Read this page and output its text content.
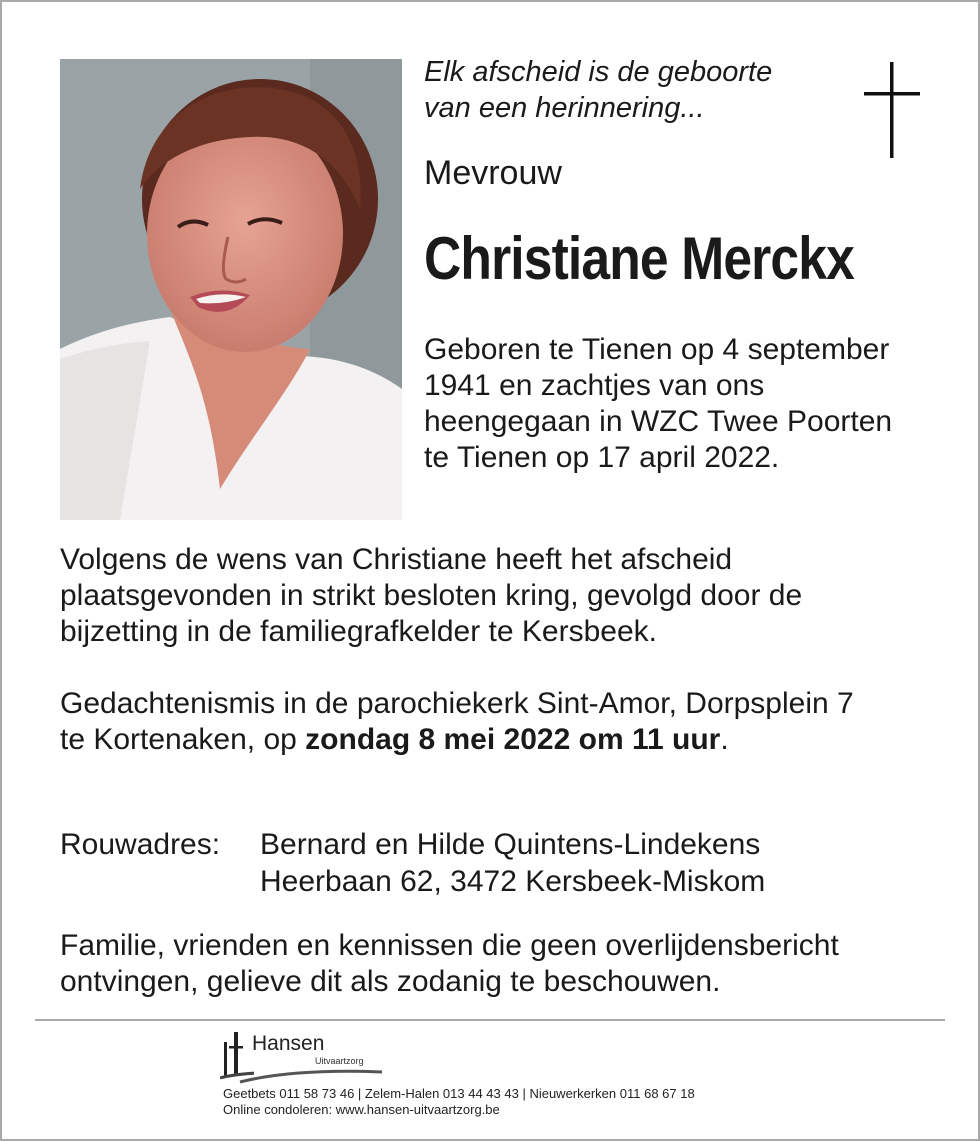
Elk afscheid is de geboorte
van een herinnering...
Mevrouw
Christiane Merckx
Geboren te Tienen op 4 september
1941 en zachtjes van ons
heengegaan in WZC Twee Poorten
te Tienen op 17 april 2022.
Volgens de wens van Christiane heeft het afscheid
plaatsgevonden in strikt besloten kring, gevolgd door de
bijzetting in de familiegrafkelder te Kersbeek.
Gedachtenismis in de parochiekerk Sint-Amor, Dorpsplein 7
te Kortenaken, op zondag 8 mei 2022 om 11 uur.
Rouwadres: Bernard en Hilde Quintens-Lindekens
Heerbaan 62, 3472 Kersbeek-Miskom
Familie, vrienden en kennissen die geen overlijdensbericht
ontvingen, gelieve dit als zodanig te beschouwen.
Hansen
Uitvaartzorg
Geetbets 011 58 73 46 | Zelem-Halen 013 44 43 43 | Nieuwerkerken 011 68 67 18
Online condoleren: www.hansen-uitvaartzorg.be
